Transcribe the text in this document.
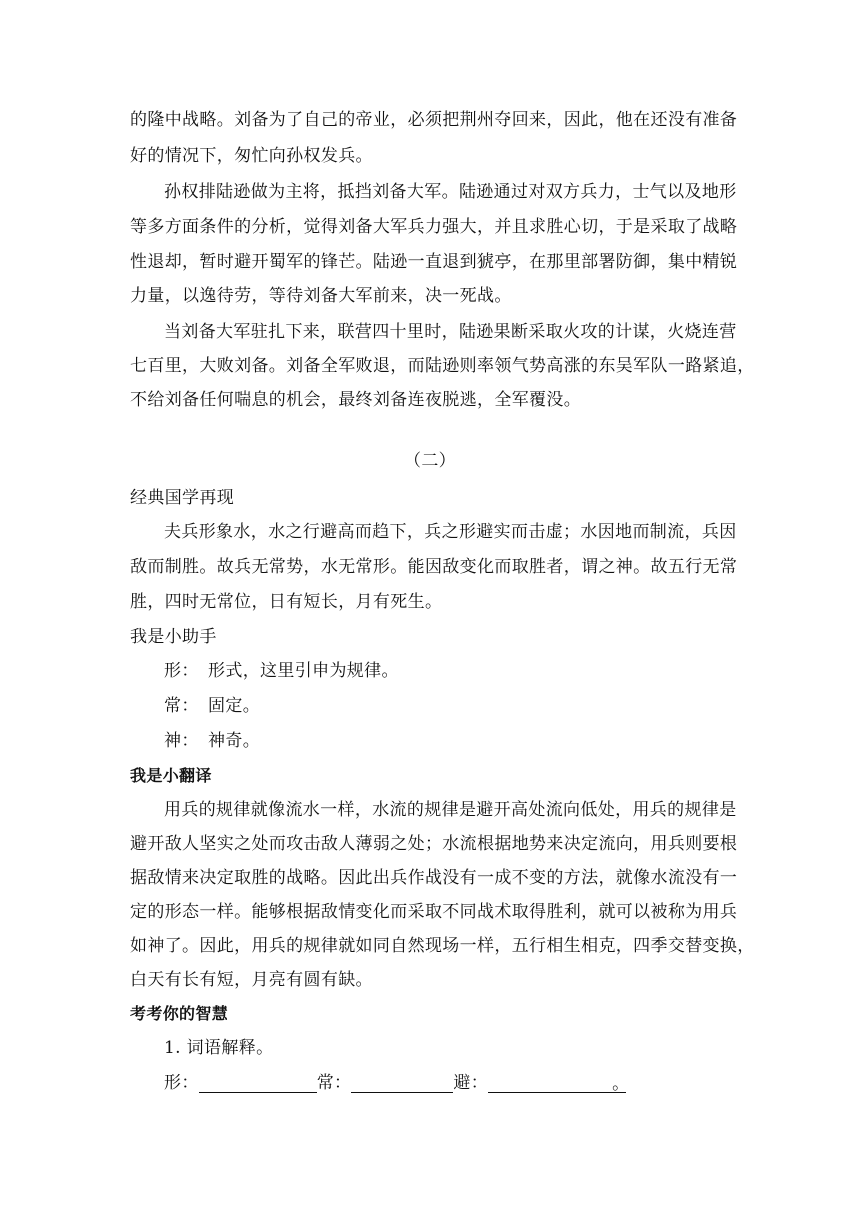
的隆中战略。刘备为了自己的帝业，必须把荆州夺回来，因此，他在还没有准备
好的情况下，匆忙向孙权发兵。
孙权排陆逊做为主将，抵挡刘备大军。陆逊通过对双方兵力，士气以及地形
等多方面条件的分析，觉得刘备大军兵力强大，并且求胜心切，于是采取了战略
性退却，暂时避开蜀军的锋芒。陆逊一直退到猇亭，在那里部署防御，集中精锐
力量，以逸待劳，等待刘备大军前来，决一死战。
当刘备大军驻扎下来，联营四十里时，陆逊果断采取火攻的计谋，火烧连营
七百里，大败刘备。刘备全军败退，而陆逊则率领气势高涨的东吴军队一路紧追，
不给刘备任何喘息的机会，最终刘备连夜脱逃，全军覆没。
（二）
经典国学再现
夫兵形象水，水之行避高而趋下，兵之形避实而击虚；水因地而制流，兵因
敌而制胜。故兵无常势，水无常形。能因敌变化而取胜者，谓之神。故五行无常
胜，四时无常位，日有短长，月有死生。
我是小助手
形： 形式，这里引申为规律。
常： 固定。
神： 神奇。
我是小翻译
用兵的规律就像流水一样，水流的规律是避开高处流向低处，用兵的规律是
避开敌人坚实之处而攻击敌人薄弱之处；水流根据地势来决定流向，用兵则要根
据敌情来决定取胜的战略。因此出兵作战没有一成不变的方法，就像水流没有一
定的形态一样。能够根据敌情变化而采取不同战术取得胜利，就可以被称为用兵
如神了。因此，用兵的规律就如同自然现场一样，五行相生相克，四季交替变换，
白天有长有短，月亮有圆有缺。
考考你的智慧
1. 词语解释。
形：	常：	避：	。
